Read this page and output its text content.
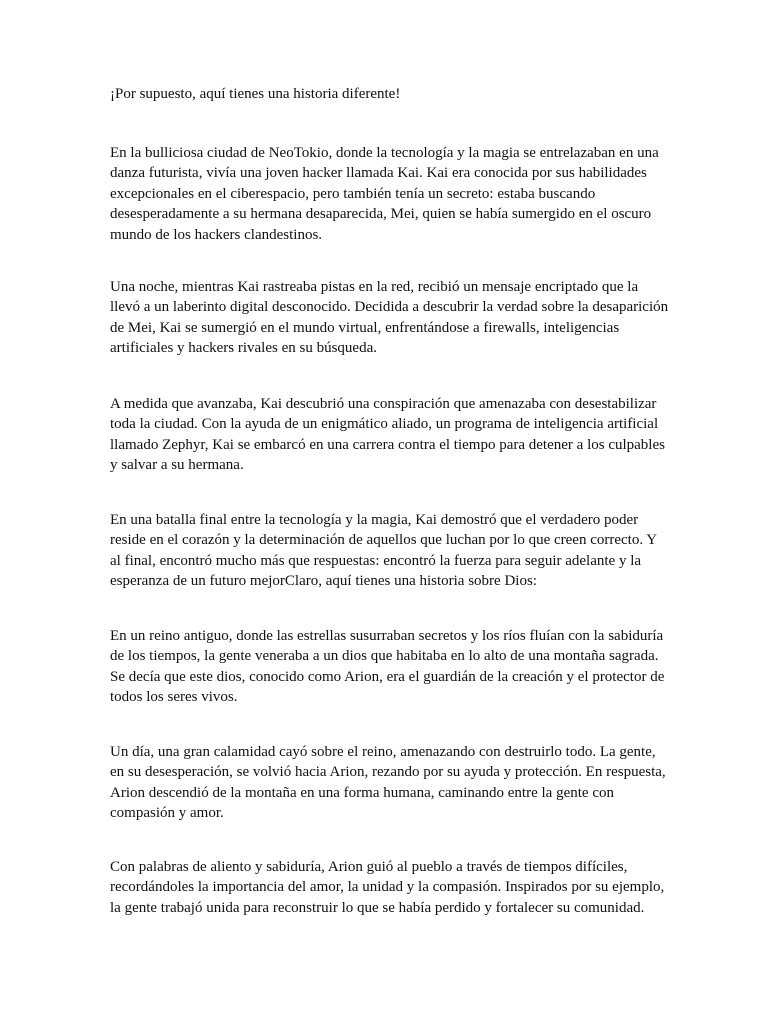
¡Por supuesto, aquí tienes una historia diferente!

En la bulliciosa ciudad de NeoTokio, donde la tecnología y la magia se entrelazaban en una danza futurista, vivía una joven hacker llamada Kai. Kai era conocida por sus habilidades excepcionales en el ciberespacio, pero también tenía un secreto: estaba buscando desesperadamente a su hermana desaparecida, Mei, quien se había sumergido en el oscuro mundo de los hackers clandestinos.

Una noche, mientras Kai rastreaba pistas en la red, recibió un mensaje encriptado que la llevó a un laberinto digital desconocido. Decidida a descubrir la verdad sobre la desaparición de Mei, Kai se sumergió en el mundo virtual, enfrentándose a firewalls, inteligencias artificiales y hackers rivales en su búsqueda.

A medida que avanzaba, Kai descubrió una conspiración que amenazaba con desestabilizar toda la ciudad. Con la ayuda de un enigmático aliado, un programa de inteligencia artificial llamado Zephyr, Kai se embarcó en una carrera contra el tiempo para detener a los culpables y salvar a su hermana.

En una batalla final entre la tecnología y la magia, Kai demostró que el verdadero poder reside en el corazón y la determinación de aquellos que luchan por lo que creen correcto. Y al final, encontró mucho más que respuestas: encontró la fuerza para seguir adelante y la esperanza de un futuro mejorClaro, aquí tienes una historia sobre Dios:

En un reino antiguo, donde las estrellas susurraban secretos y los ríos fluían con la sabiduría de los tiempos, la gente veneraba a un dios que habitaba en lo alto de una montaña sagrada. Se decía que este dios, conocido como Arion, era el guardián de la creación y el protector de todos los seres vivos.

Un día, una gran calamidad cayó sobre el reino, amenazando con destruirlo todo. La gente, en su desesperación, se volvió hacia Arion, rezando por su ayuda y protección. En respuesta, Arion descendió de la montaña en una forma humana, caminando entre la gente con compasión y amor.

Con palabras de aliento y sabiduría, Arion guió al pueblo a través de tiempos difíciles, recordándoles la importancia del amor, la unidad y la compasión. Inspirados por su ejemplo, la gente trabajó unida para reconstruir lo que se había perdido y fortalecer su comunidad.
